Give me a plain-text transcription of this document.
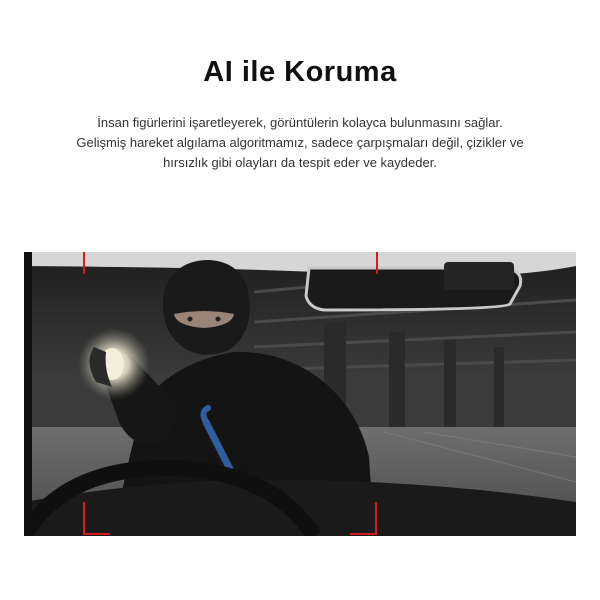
AI ile Koruma
İnsan figürlerini işaretleyerek, görüntülerin kolayca bulunmasını sağlar.
Gelişmiş hareket algılama algoritmamız, sadece çarpışmaları değil, çizikler ve
hırsızlık gibi olayları da tespit eder ve kaydeder.
